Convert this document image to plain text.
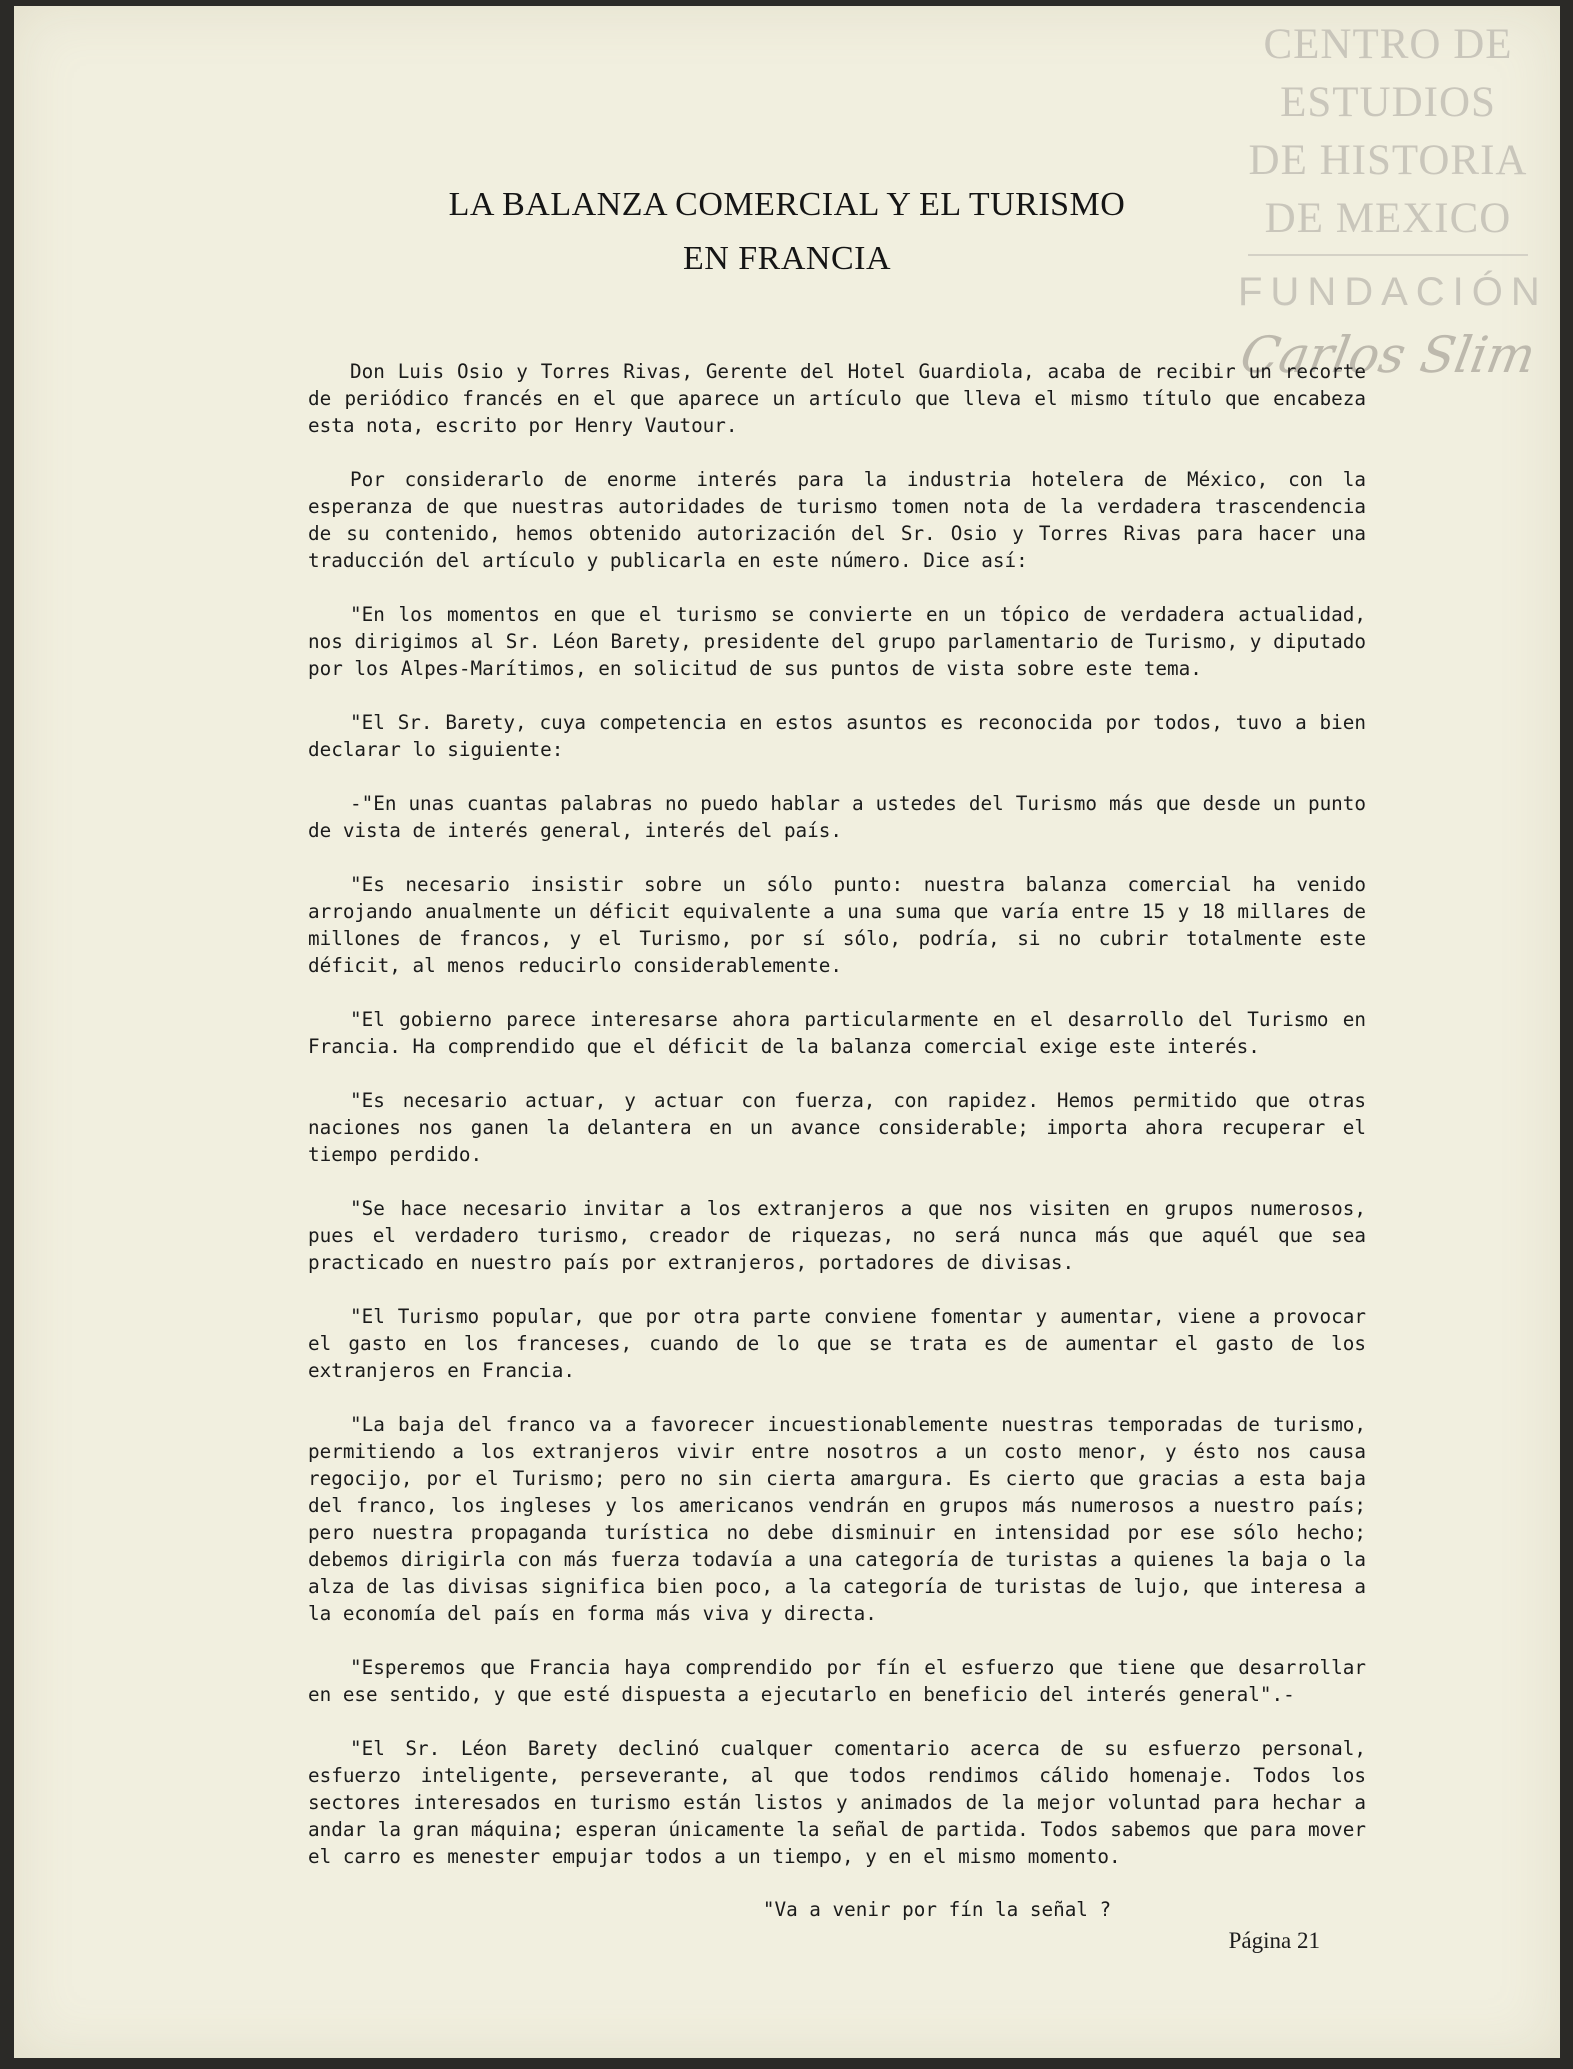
CENTRO DE
ESTUDIOS
DE HISTORIA
DE MEXICO
FUNDACIÓN
Carlos Slim
LA BALANZA COMERCIAL Y EL TURISMO
EN FRANCIA

Don Luis Osio y Torres Rivas, Gerente del Hotel Guardiola, acaba de recibir un recorte de periódico francés en el que aparece un artículo que lleva el mismo título que encabeza esta nota, escrito por Henry Vautour.

Por considerarlo de enorme interés para la industria hotelera de México, con la esperanza de que nuestras autoridades de turismo tomen nota de la verdadera trascendencia de su contenido, hemos obtenido autorización del Sr. Osio y Torres Rivas para hacer una traducción del artículo y publicarla en este número. Dice así:

"En los momentos en que el turismo se convierte en un tópico de verdadera actualidad, nos dirigimos al Sr. Léon Barety, presidente del grupo parlamentario de Turismo, y diputado por los Alpes-Marítimos, en solicitud de sus puntos de vista sobre este tema.

"El Sr. Barety, cuya competencia en estos asuntos es reconocida por todos, tuvo a bien declarar lo siguiente:

-"En unas cuantas palabras no puedo hablar a ustedes del Turismo más que desde un punto de vista de interés general, interés del país.

"Es necesario insistir sobre un sólo punto: nuestra balanza comercial ha venido arrojando anualmente un déficit equivalente a una suma que varía entre 15 y 18 millares de millones de francos, y el Turismo, por sí sólo, podría, si no cubrir totalmente este déficit, al menos reducirlo considerablemente.

"El gobierno parece interesarse ahora particularmente en el desarrollo del Turismo en Francia. Ha comprendido que el déficit de la balanza comercial exige este interés.

"Es necesario actuar, y actuar con fuerza, con rapidez. Hemos permitido que otras naciones nos ganen la delantera en un avance considerable; importa ahora recuperar el tiempo perdido.

"Se hace necesario invitar a los extranjeros a que nos visiten en grupos numerosos, pues el verdadero turismo, creador de riquezas, no será nunca más que aquél que sea practicado en nuestro país por extranjeros, portadores de divisas.

"El Turismo popular, que por otra parte conviene fomentar y aumentar, viene a provocar el gasto en los franceses, cuando de lo que se trata es de aumentar el gasto de los extranjeros en Francia.

"La baja del franco va a favorecer incuestionablemente nuestras temporadas de turismo, permitiendo a los extranjeros vivir entre nosotros a un costo menor, y ésto nos causa regocijo, por el Turismo; pero no sin cierta amargura. Es cierto que gracias a esta baja del franco, los ingleses y los americanos vendrán en grupos más numerosos a nuestro país; pero nuestra propaganda turística no debe disminuir en intensidad por ese sólo hecho; debemos dirigirla con más fuerza todavía a una categoría de turistas a quienes la baja o la alza de las divisas significa bien poco, a la categoría de turistas de lujo, que interesa a la economía del país en forma más viva y directa.

"Esperemos que Francia haya comprendido por fín el esfuerzo que tiene que desarrollar en ese sentido, y que esté dispuesta a ejecutarlo en beneficio del interés general".-

"El Sr. Léon Barety declinó cualquer comentario acerca de su esfuerzo personal, esfuerzo inteligente, perseverante, al que todos rendimos cálido homenaje. Todos los sectores interesados en turismo están listos y animados de la mejor voluntad para hechar a andar la gran máquina; esperan únicamente la señal de partida. Todos sabemos que para mover el carro es menester empujar todos a un tiempo, y en el mismo momento.

"Va a venir por fín la señal ?
Página 21
